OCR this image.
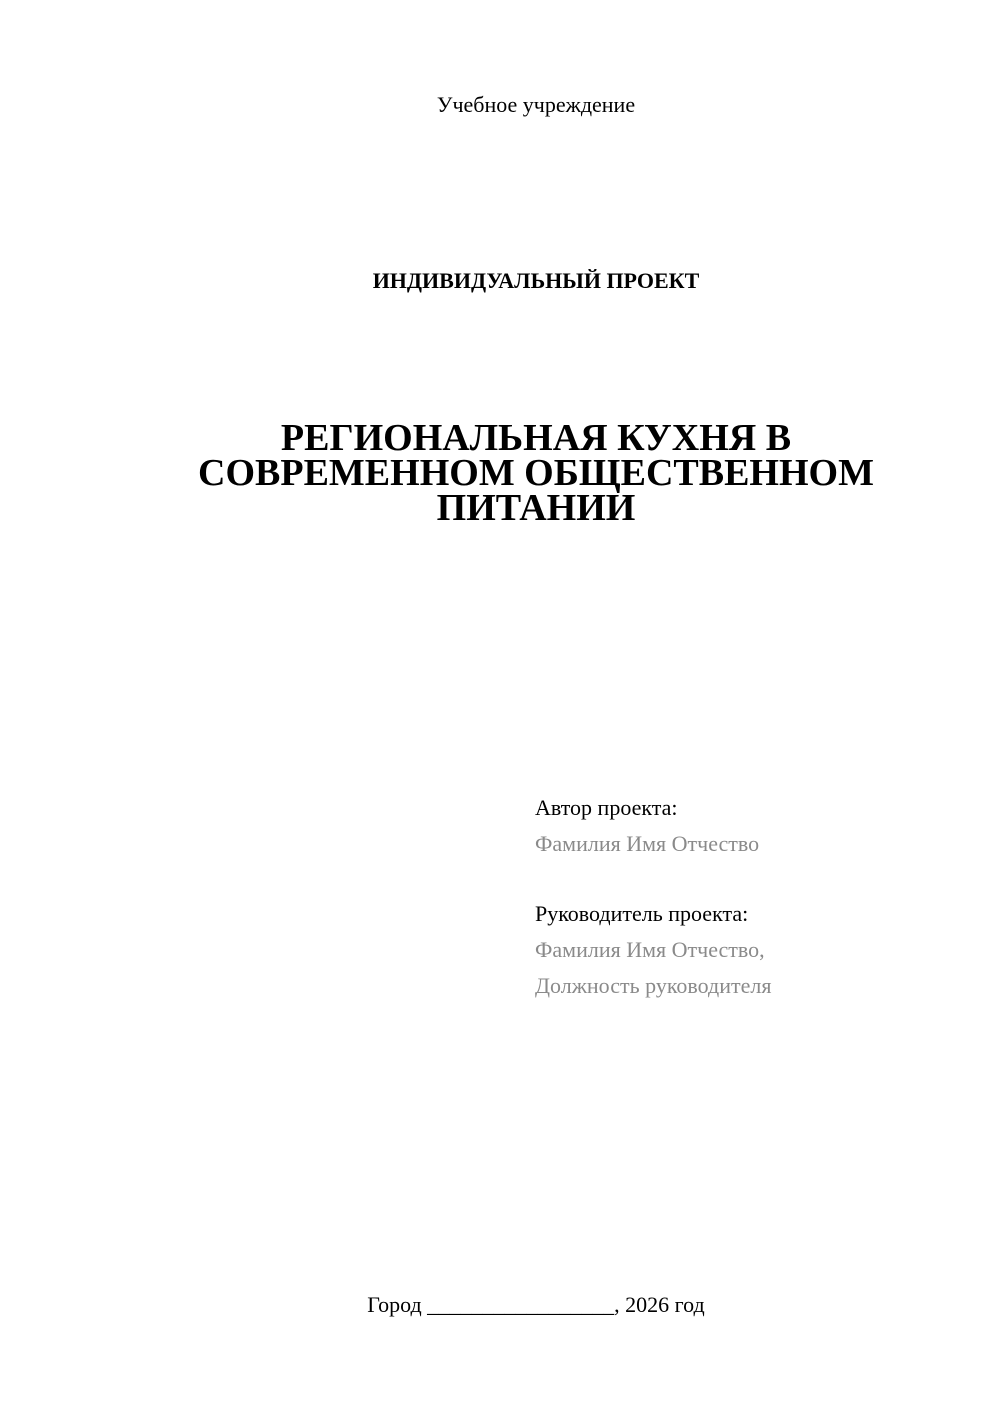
Учебное учреждение
ИНДИВИДУАЛЬНЫЙ ПРОЕКТ
РЕГИОНАЛЬНАЯ КУХНЯ В
СОВРЕМЕННОМ ОБЩЕСТВЕННОМ
ПИТАНИИ
Автор проекта:
Фамилия Имя Отчество
Руководитель проекта:
Фамилия Имя Отчество,
Должность руководителя
Город _________________, 2026 год
